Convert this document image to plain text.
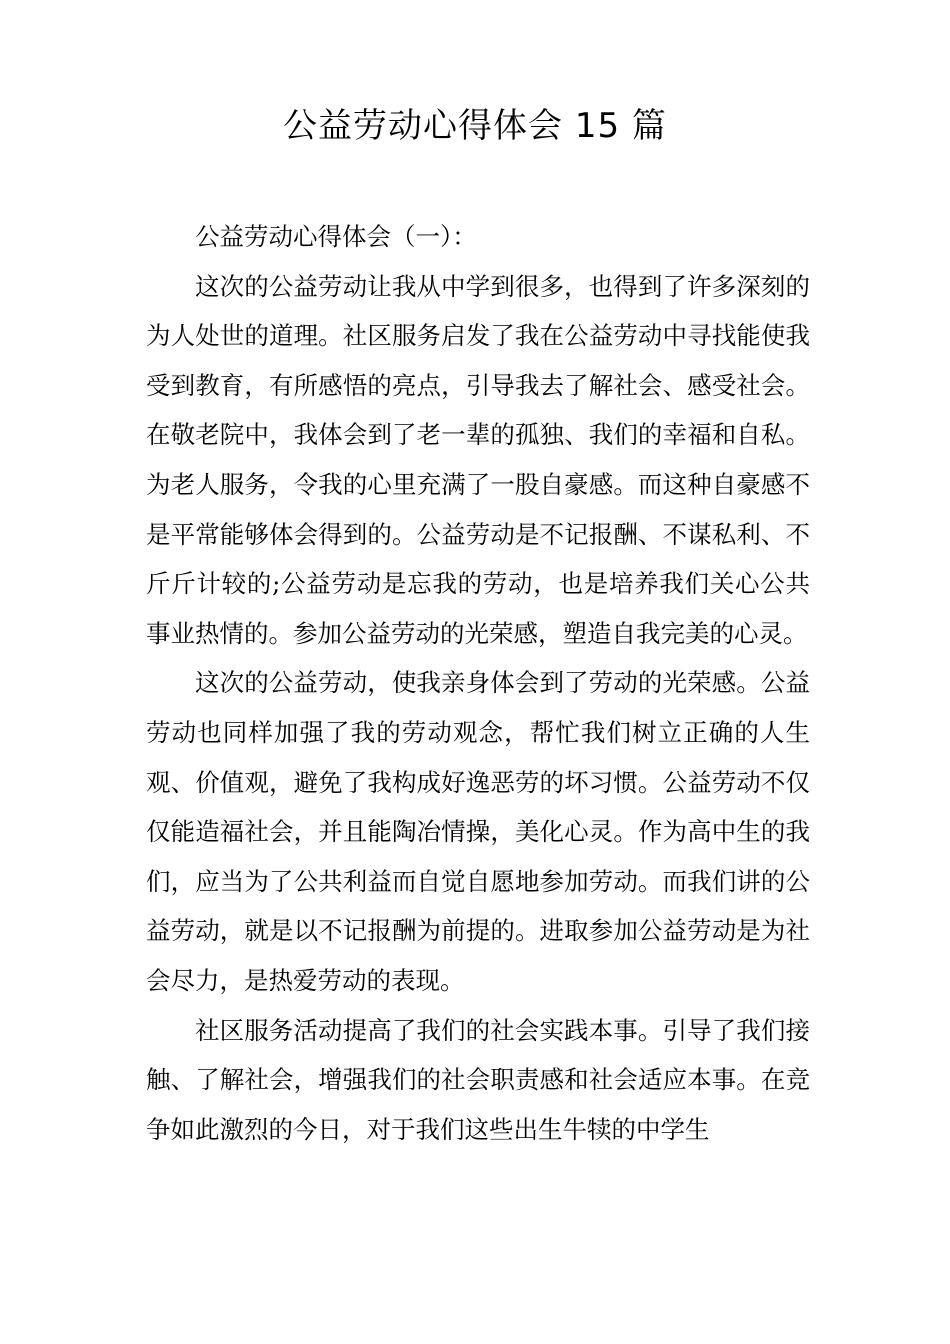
公益劳动心得体会 15 篇

公益劳动心得体会（一）：

这次的公益劳动让我从中学到很多，也得到了许多深刻的为人处世的道理。社区服务启发了我在公益劳动中寻找能使我受到教育，有所感悟的亮点，引导我去了解社会、感受社会。在敬老院中，我体会到了老一辈的孤独、我们的幸福和自私。为老人服务，令我的心里充满了一股自豪感。而这种自豪感不是平常能够体会得到的。公益劳动是不记报酬、不谋私利、不斤斤计较的;公益劳动是忘我的劳动，也是培养我们关心公共事业热情的。参加公益劳动的光荣感，塑造自我完美的心灵。

这次的公益劳动，使我亲身体会到了劳动的光荣感。公益劳动也同样加强了我的劳动观念，帮忙我们树立正确的人生观、价值观，避免了我构成好逸恶劳的坏习惯。公益劳动不仅仅能造福社会，并且能陶冶情操，美化心灵。作为高中生的我们，应当为了公共利益而自觉自愿地参加劳动。而我们讲的公益劳动，就是以不记报酬为前提的。进取参加公益劳动是为社会尽力，是热爱劳动的表现。

社区服务活动提高了我们的社会实践本事。引导了我们接触、了解社会，增强我们的社会职责感和社会适应本事。在竞争如此激烈的今日，对于我们这些出生牛犊的中学生
